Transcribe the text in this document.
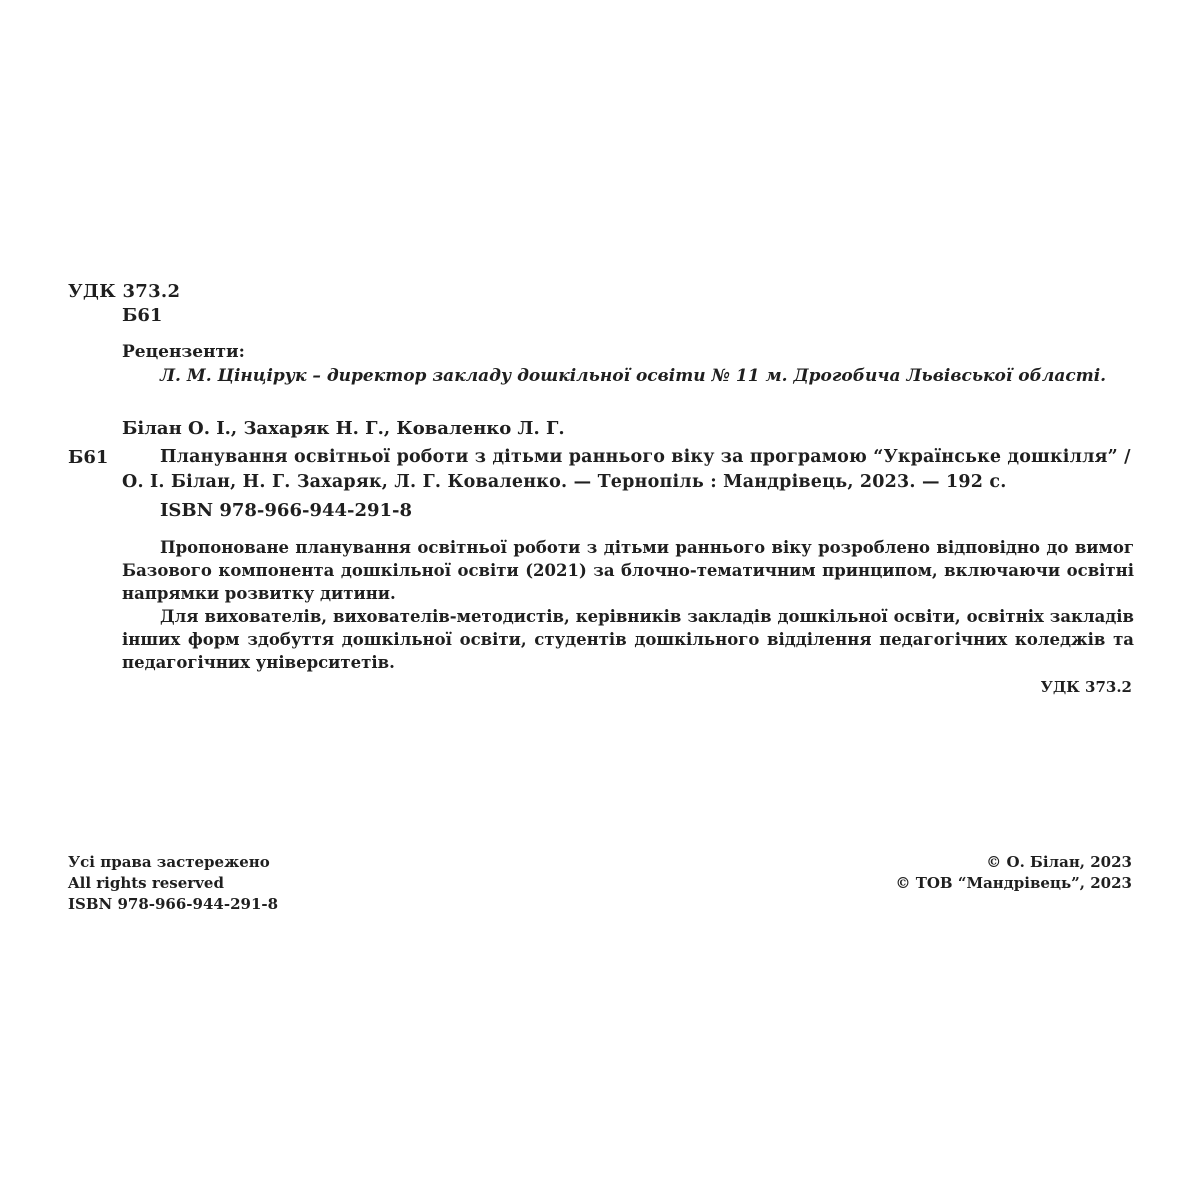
УДК 373.2
Б61
Рецензенти:
Л. М. Цінціpук – директор закладу дошкільної освіти № 11 м. Дрогобича Львівської області.
Білан О. І., Захаряк Н. Г., Коваленко Л. Г.
Б61	Планування освітньої роботи з дітьми раннього віку за програмою “Українське дошкілля” /
О. І. Білан, Н. Г. Захаряк, Л. Г. Коваленко. — Тернопіль : Мандрівець, 2023. — 192 с.
ISBN 978-966-944-291-8

Пропоноване планування освітньої роботи з дітьми раннього віку розроблено відповідно до вимог Базового компонента дошкільної освіти (2021) за блочно-тематичним принципом, включаючи освітні напрямки розвитку дитини.

Для вихователів, вихователів-методистів, керівників закладів дошкільної освіти, освітніх закладів інших форм здобуття дошкільної освіти, студентів дошкільного відділення педагогічних коледжів та педагогічних університетів.

УДК 373.2
Усі права застережено
All rights reserved
ISBN 978-966-944-291-8
© О. Білан, 2023
© ТОВ “Мандрівець”, 2023
